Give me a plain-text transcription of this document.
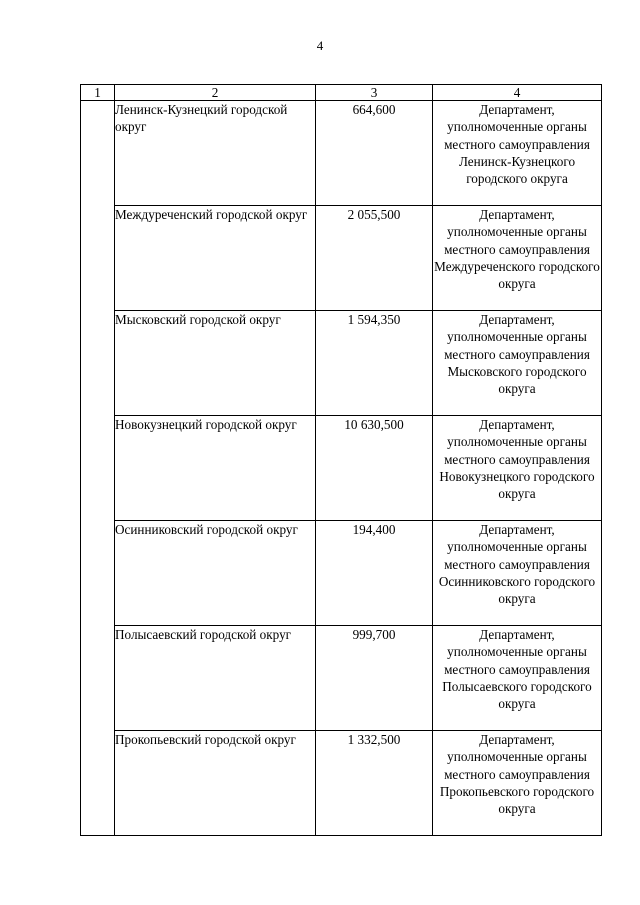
4
1	2	3	4
	Ленинск-Кузнецкий городской округ	664,600	Департамент, уполномоченные органы местного самоуправления Ленинск-Кузнецкого городского округа
	Междуреченский городской округ	2 055,500	Департамент, уполномоченные органы местного самоуправления Междуреченского городского округа
	Мысковский городской округ	1 594,350	Департамент, уполномоченные органы местного самоуправления Мысковского городского округа
	Новокузнецкий городской округ	10 630,500	Департамент, уполномоченные органы местного самоуправления Новокузнецкого городского округа
	Осинниковский городской округ	194,400	Департамент, уполномоченные органы местного самоуправления Осинниковского городского округа
	Полысаевский городской округ	999,700	Департамент, уполномоченные органы местного самоуправления Полысаевского городского округа
	Прокопьевский городской округ	1 332,500	Департамент, уполномоченные органы местного самоуправления Прокопьевского городского округа
